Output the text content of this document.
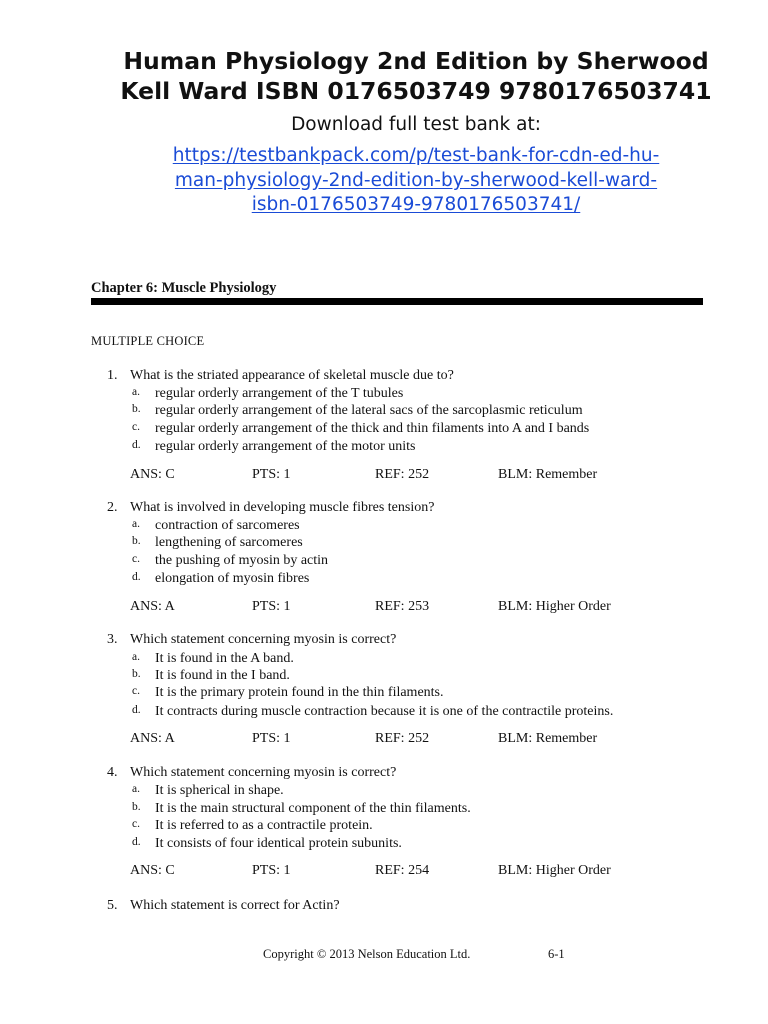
Human Physiology 2nd Edition by Sherwood
Kell Ward ISBN 0176503749 9780176503741
Download full test bank at:
https://testbankpack.com/p/test-bank-for-cdn-ed-hu-
man-physiology-2nd-edition-by-sherwood-kell-ward-
isbn-0176503749-9780176503741/
Chapter 6: Muscle Physiology
MULTIPLE CHOICE
1. What is the striated appearance of skeletal muscle due to?
a. regular orderly arrangement of the T tubules
b. regular orderly arrangement of the lateral sacs of the sarcoplasmic reticulum
c. regular orderly arrangement of the thick and thin filaments into A and I bands
d. regular orderly arrangement of the motor units
ANS: C	PTS: 1	REF: 252	BLM: Remember
2. What is involved in developing muscle fibres tension?
a. contraction of sarcomeres
b. lengthening of sarcomeres
c. the pushing of myosin by actin
d. elongation of myosin fibres
ANS: A	PTS: 1	REF: 253	BLM: Higher Order
3. Which statement concerning myosin is correct?
a. It is found in the A band.
b. It is found in the I band.
c. It is the primary protein found in the thin filaments.
d. It contracts during muscle contraction because it is one of the contractile proteins.
ANS: A	PTS: 1	REF: 252	BLM: Remember
4. Which statement concerning myosin is correct?
a. It is spherical in shape.
b. It is the main structural component of the thin filaments.
c. It is referred to as a contractile protein.
d. It consists of four identical protein subunits.
ANS: C	PTS: 1	REF: 254	BLM: Higher Order
5. Which statement is correct for Actin?
Copyright © 2013 Nelson Education Ltd.	6-1
